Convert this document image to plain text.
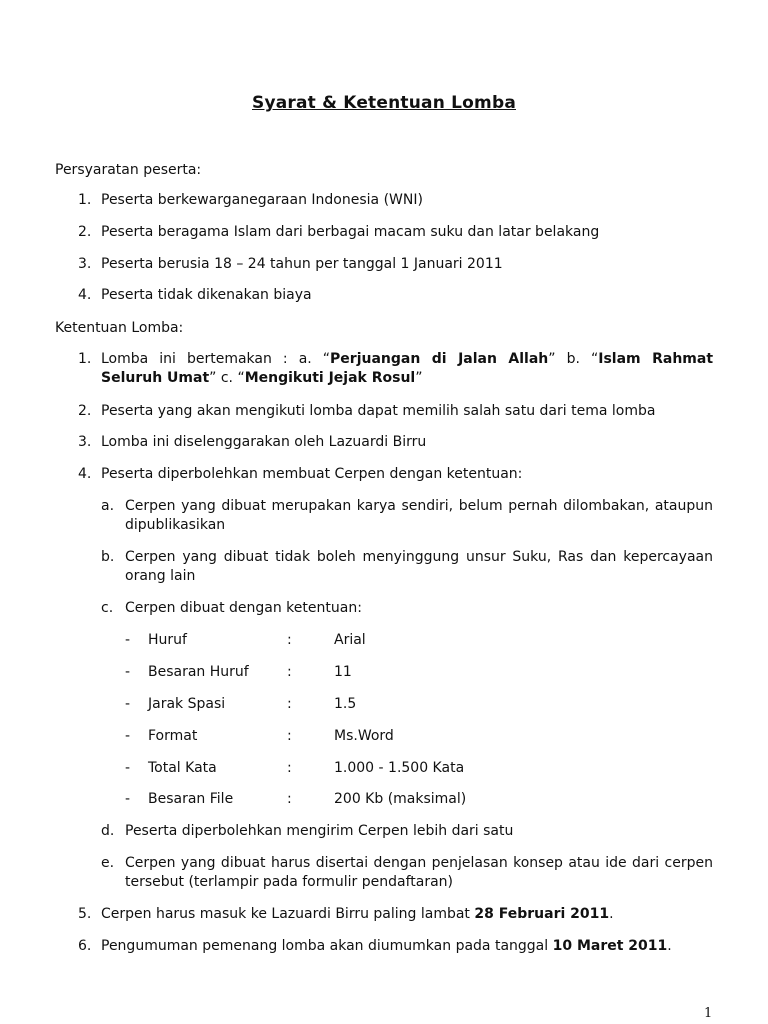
Syarat & Ketentuan Lomba
Persyaratan peserta:
1. Peserta berkewarganegaraan Indonesia (WNI)
2. Peserta beragama Islam dari berbagai macam suku dan latar belakang
3. Peserta berusia 18 – 24 tahun per tanggal 1 Januari 2011
4. Peserta tidak dikenakan biaya
Ketentuan Lomba:
1. Lomba ini bertemakan : a. “Perjuangan di Jalan Allah” b. “Islam Rahmat
Seluruh Umat” c. “Mengikuti Jejak Rosul”
2. Peserta yang akan mengikuti lomba dapat memilih salah satu dari tema lomba
3. Lomba ini diselenggarakan oleh Lazuardi Birru
4. Peserta diperbolehkan membuat Cerpen dengan ketentuan:
a. Cerpen yang dibuat merupakan karya sendiri, belum pernah dilombakan, ataupun
dipublikasikan
b. Cerpen yang dibuat tidak boleh menyinggung unsur Suku, Ras dan kepercayaan
orang lain
c. Cerpen dibuat dengan ketentuan:
- Huruf	:	Arial
- Besaran Huruf	:	11
- Jarak Spasi	:	1.5
- Format	:	Ms.Word
- Total Kata	:	1.000 - 1.500 Kata
- Besaran File	:	200 Kb (maksimal)
d. Peserta diperbolehkan mengirim Cerpen lebih dari satu
e. Cerpen yang dibuat harus disertai dengan penjelasan konsep atau ide dari cerpen
tersebut (terlampir pada formulir pendaftaran)
5. Cerpen harus masuk ke Lazuardi Birru paling lambat 28 Februari 2011.
6. Pengumuman pemenang lomba akan diumumkan pada tanggal 10 Maret 2011.
1
